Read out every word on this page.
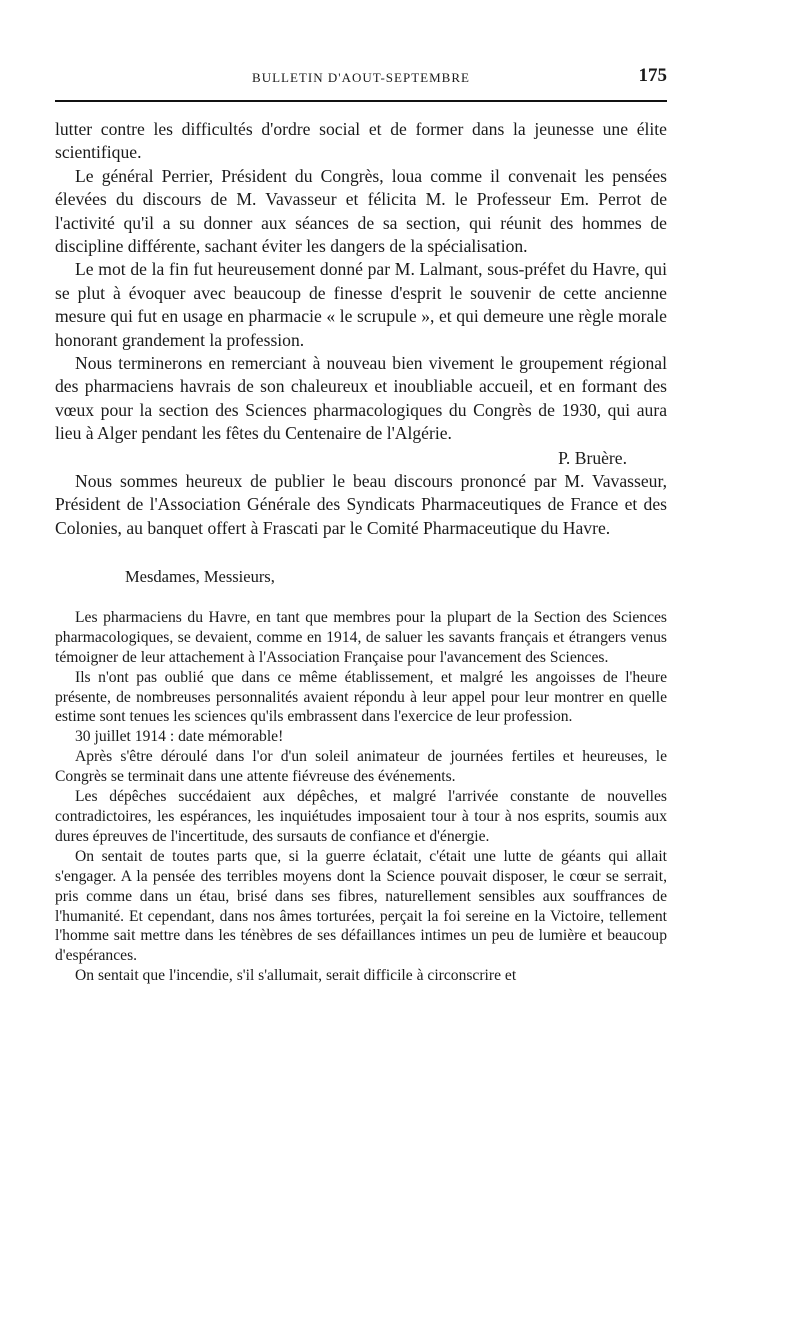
BULLETIN D'AOUT-SEPTEMBRE	175

lutter contre les difficultés d'ordre social et de former dans la jeunesse une élite scientifique.

Le général Perrier, Président du Congrès, loua comme il convenait les pensées élevées du discours de M. Vavasseur et félicita M. le Professeur Em. Perrot de l'activité qu'il a su donner aux séances de sa section, qui réunit des hommes de discipline différente, sachant éviter les dangers de la spécialisation.

Le mot de la fin fut heureusement donné par M. Lalmant, sous-préfet du Havre, qui se plut à évoquer avec beaucoup de finesse d'esprit le souvenir de cette ancienne mesure qui fut en usage en pharmacie « le scrupule », et qui demeure une règle morale honorant grandement la profession.

Nous terminerons en remerciant à nouveau bien vivement le groupement régional des pharmaciens havrais de son chaleureux et inoubliable accueil, et en formant des vœux pour la section des Sciences pharmacologiques du Congrès de 1930, qui aura lieu à Alger pendant les fêtes du Centenaire de l'Algérie.

P. Bruère.

Nous sommes heureux de publier le beau discours prononcé par M. Vavasseur, Président de l'Association Générale des Syndicats Pharmaceutiques de France et des Colonies, au banquet offert à Frascati par le Comité Pharmaceutique du Havre.

Mesdames, Messieurs,

Les pharmaciens du Havre, en tant que membres pour la plupart de la Section des Sciences pharmacologiques, se devaient, comme en 1914, de saluer les savants français et étrangers venus témoigner de leur attachement à l'Association Française pour l'avancement des Sciences.

Ils n'ont pas oublié que dans ce même établissement, et malgré les angoisses de l'heure présente, de nombreuses personnalités avaient répondu à leur appel pour leur montrer en quelle estime sont tenues les sciences qu'ils embrassent dans l'exercice de leur profession.

30 juillet 1914 : date mémorable!

Après s'être déroulé dans l'or d'un soleil animateur de journées fertiles et heureuses, le Congrès se terminait dans une attente fiévreuse des événements.

Les dépêches succédaient aux dépêches, et malgré l'arrivée constante de nouvelles contradictoires, les espérances, les inquiétudes imposaient tour à tour à nos esprits, soumis aux dures épreuves de l'incertitude, des sursauts de confiance et d'énergie.

On sentait de toutes parts que, si la guerre éclatait, c'était une lutte de géants qui allait s'engager. A la pensée des terribles moyens dont la Science pouvait disposer, le cœur se serrait, pris comme dans un étau, brisé dans ses fibres, naturellement sensibles aux souffrances de l'humanité. Et cependant, dans nos âmes torturées, perçait la foi sereine en la Victoire, tellement l'homme sait mettre dans les ténèbres de ses défaillances intimes un peu de lumière et beaucoup d'espérances.

On sentait que l'incendie, s'il s'allumait, serait difficile à circonscrire et
